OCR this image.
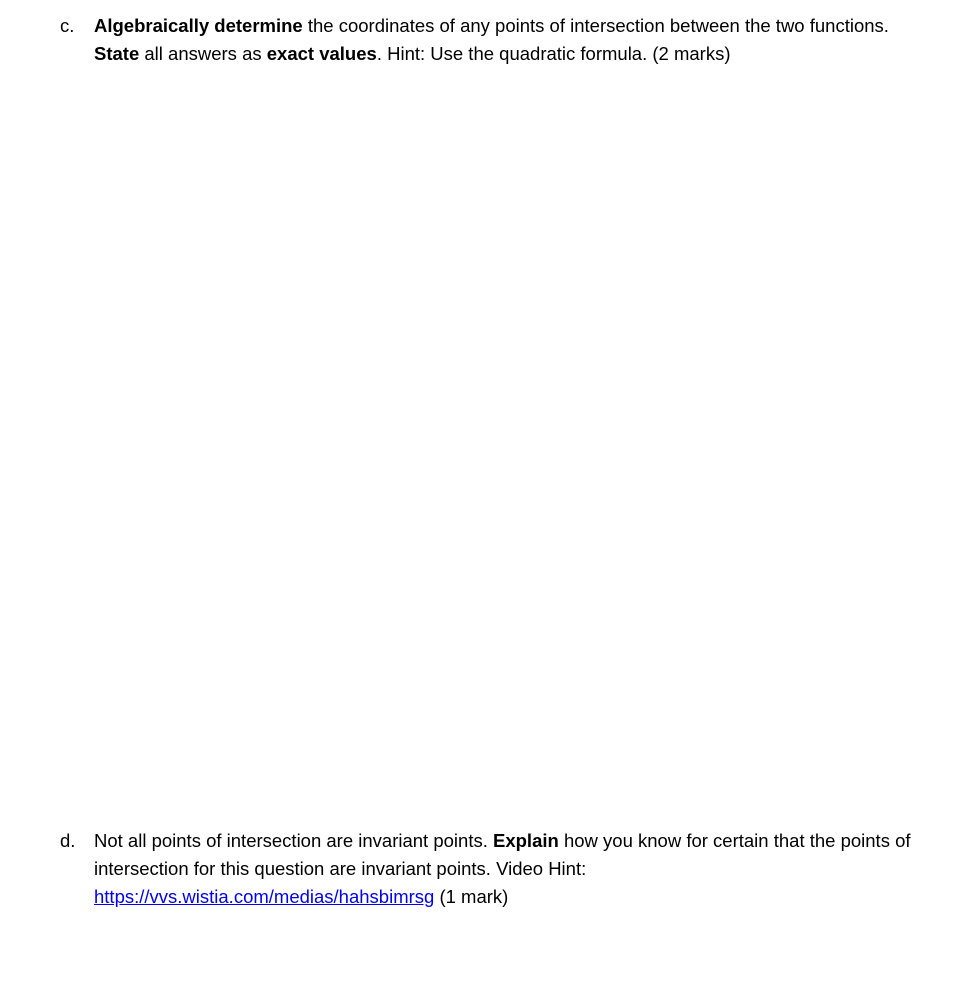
c.	Algebraically determine the coordinates of any points of intersection between the two functions. State all answers as exact values. Hint: Use the quadratic formula. (2 marks)
d.	Not all points of intersection are invariant points. Explain how you know for certain that the points of intersection for this question are invariant points. Video Hint: https://vvs.wistia.com/medias/hahsbimrsg (1 mark)
